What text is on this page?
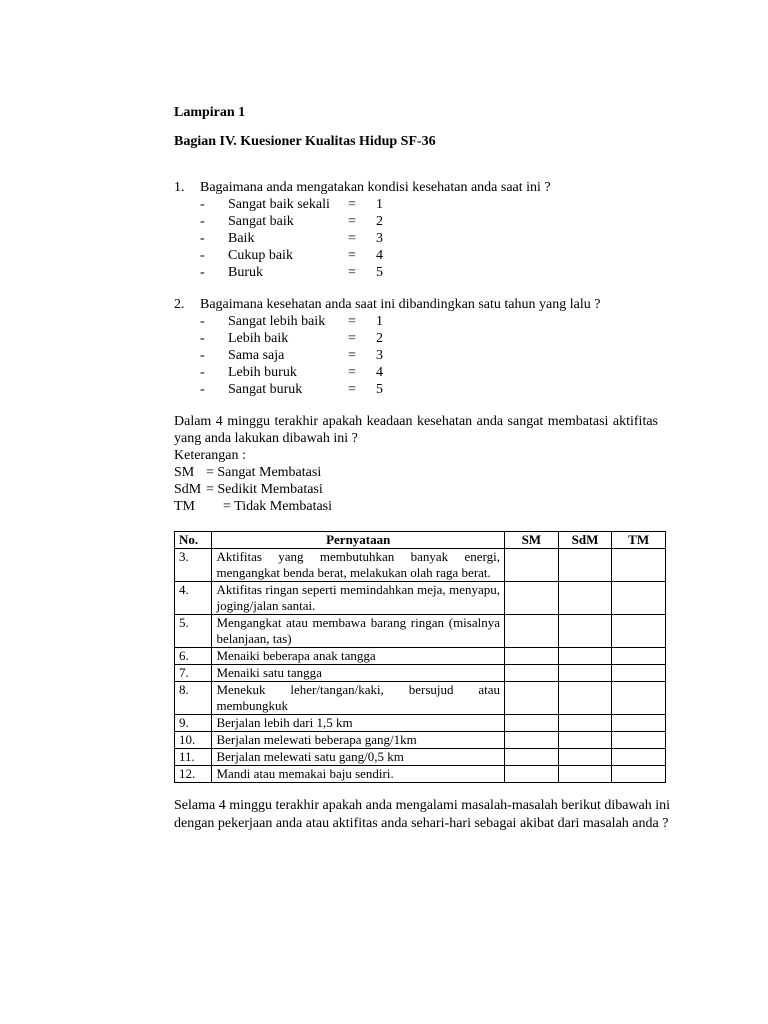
Lampiran 1
Bagian IV. Kuesioner Kualitas Hidup SF-36
1. Bagaimana anda mengatakan kondisi kesehatan anda saat ini ?
- Sangat baik sekali = 1
- Sangat baik	= 2
- Baik	= 3
- Cukup baik	= 4
- Buruk	= 5
2. Bagaimana kesehatan anda saat ini dibandingkan satu tahun yang lalu ?
- Sangat lebih baik = 1
- Lebih baik	= 2
- Sama saja	= 3
- Lebih buruk	= 4
- Sangat buruk	= 5
Dalam 4 minggu terakhir apakah keadaan kesehatan anda sangat membatasi aktifitas yang anda lakukan dibawah ini ?
Keterangan :
SM = Sangat Membatasi
SdM = Sedikit Membatasi
TM = Tidak Membatasi
No.	Pernyataan	SM	SdM	TM
3.	Aktifitas yang membutuhkan banyak energi, mengangkat benda berat, melakukan olah raga berat.			
4.	Aktifitas ringan seperti memindahkan meja, menyapu, joging/jalan santai.			
5.	Mengangkat atau membawa barang ringan (misalnya belanjaan, tas)			
6.	Menaiki beberapa anak tangga			
7.	Menaiki satu tangga			
8.	Menekuk leher/tangan/kaki, bersujud atau membungkuk			
9.	Berjalan lebih dari 1,5 km			
10.	Berjalan melewati beberapa gang/1km			
11.	Berjalan melewati satu gang/0,5 km			
12.	Mandi atau memakai baju sendiri.			
Selama 4 minggu terakhir apakah anda mengalami masalah-masalah berikut dibawah ini dengan pekerjaan anda atau aktifitas anda sehari-hari sebagai akibat dari masalah anda ?
